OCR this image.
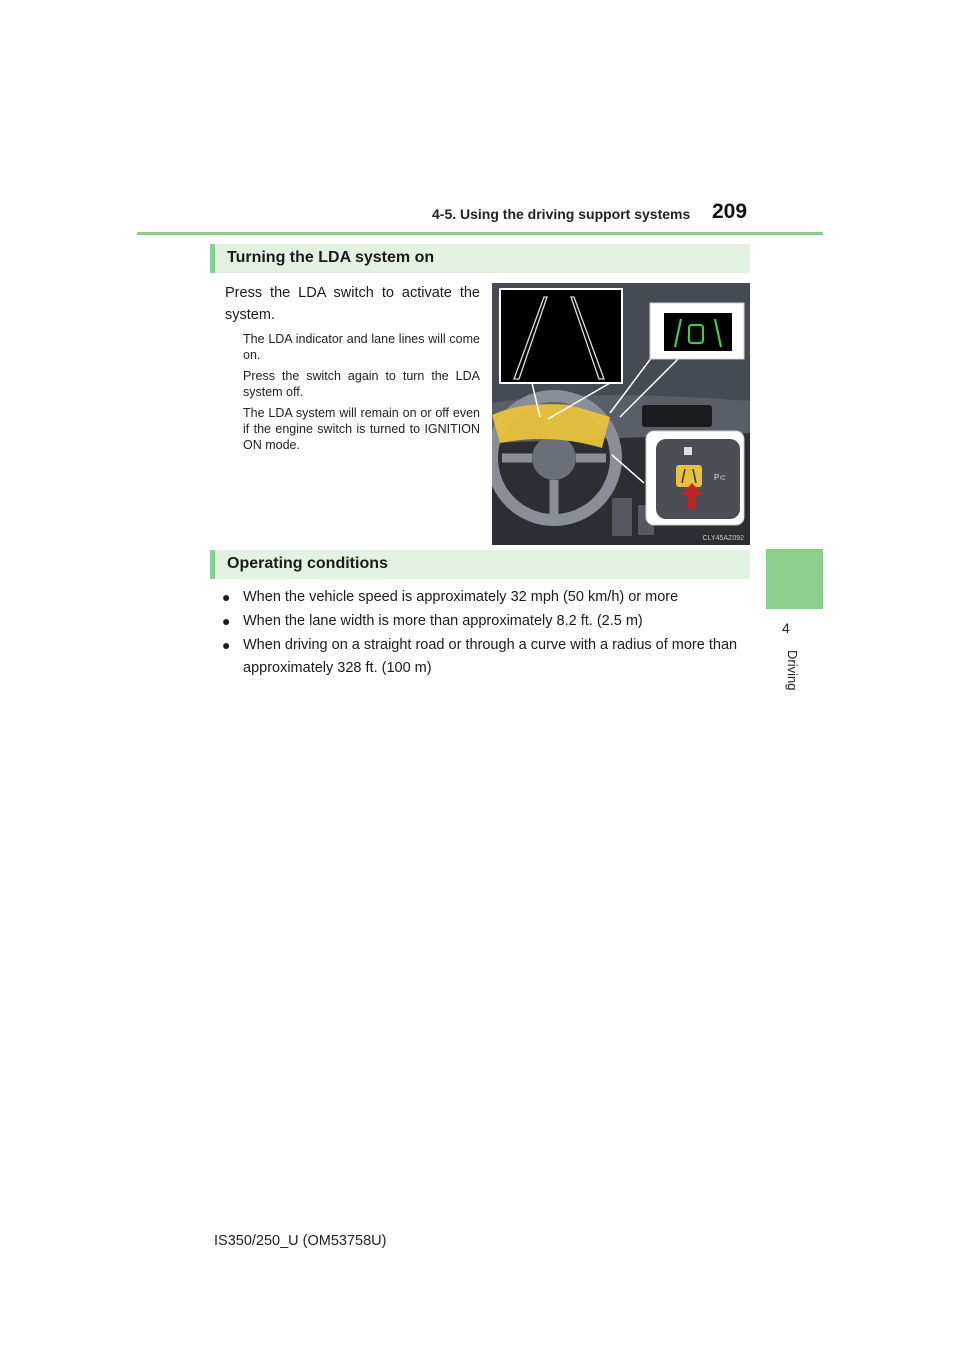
4-5. Using the driving support systems 209
4
Driving
Turning the LDA system on
Press the LDA switch to activate the system.
The LDA indicator and lane lines will come on.
Press the switch again to turn the LDA system off.
The LDA system will remain on or off even if the engine switch is turned to IGNITION ON mode.
P⊂
CLY45AZ092
Operating conditions
● When the vehicle speed is approximately 32 mph (50 km/h) or more
● When the lane width is more than approximately 8.2 ft. (2.5 m)
● When driving on a straight road or through a curve with a radius of more than approximately 328 ft. (100 m)
IS350/250_U (OM53758U)
